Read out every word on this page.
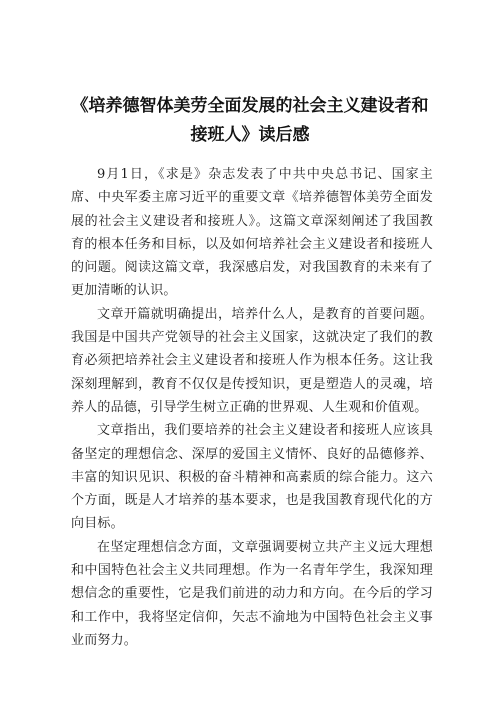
《培养德智体美劳全面发展的社会主义建设者和接班人》读后感

9月1日，《求是》杂志发表了中共中央总书记、国家主席、中央军委主席习近平的重要文章《培养德智体美劳全面发展的社会主义建设者和接班人》。这篇文章深刻阐述了我国教育的根本任务和目标，以及如何培养社会主义建设者和接班人的问题。阅读这篇文章，我深感启发，对我国教育的未来有了更加清晰的认识。

文章开篇就明确提出，培养什么人，是教育的首要问题。我国是中国共产党领导的社会主义国家，这就决定了我们的教育必须把培养社会主义建设者和接班人作为根本任务。这让我深刻理解到，教育不仅仅是传授知识，更是塑造人的灵魂，培养人的品德，引导学生树立正确的世界观、人生观和价值观。

文章指出，我们要培养的社会主义建设者和接班人应该具备坚定的理想信念、深厚的爱国主义情怀、良好的品德修养、丰富的知识见识、积极的奋斗精神和高素质的综合能力。这六个方面，既是人才培养的基本要求，也是我国教育现代化的方向目标。

在坚定理想信念方面，文章强调要树立共产主义远大理想和中国特色社会主义共同理想。作为一名青年学生，我深知理想信念的重要性，它是我们前进的动力和方向。在今后的学习和工作中，我将坚定信仰，矢志不渝地为中国特色社会主义事业而努力。
